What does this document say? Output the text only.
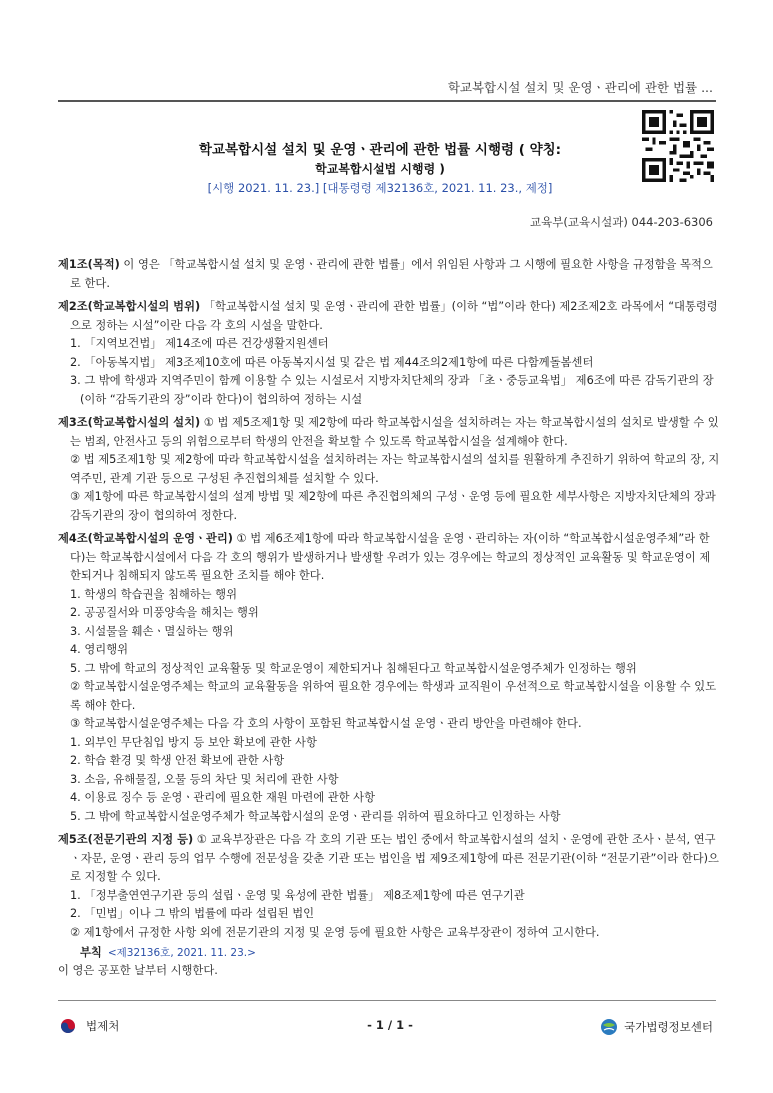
학교복합시설 설치 및 운영ㆍ관리에 관한 법률 ...
학교복합시설 설치 및 운영ㆍ관리에 관한 법률 시행령 ( 약칭:
학교복합시설법 시행령 )
[시행 2021. 11. 23.] [대통령령 제32136호, 2021. 11. 23., 제정]
교육부(교육시설과) 044-203-6306

제1조(목적) 이 영은 「학교복합시설 설치 및 운영ㆍ관리에 관한 법률」에서 위임된 사항과 그 시행에 필요한 사항을 규정함을 목적으로 한다.

제2조(학교복합시설의 범위) 「학교복합시설 설치 및 운영ㆍ관리에 관한 법률」(이하 “법”이라 한다) 제2조제2호 라목에서 “대통령령으로 정하는 시설”이란 다음 각 호의 시설을 말한다.

1. 「지역보건법」 제14조에 따른 건강생활지원센터

2. 「아동복지법」 제3조제10호에 따른 아동복지시설 및 같은 법 제44조의2제1항에 따른 다함께돌봄센터

3. 그 밖에 학생과 지역주민이 함께 이용할 수 있는 시설로서 지방자치단체의 장과 「초ㆍ중등교육법」 제6조에 따른 감독기관의 장(이하 “감독기관의 장”이라 한다)이 협의하여 정하는 시설

제3조(학교복합시설의 설치) ① 법 제5조제1항 및 제2항에 따라 학교복합시설을 설치하려는 자는 학교복합시설의 설치로 발생할 수 있는 범죄, 안전사고 등의 위험으로부터 학생의 안전을 확보할 수 있도록 학교복합시설을 설계해야 한다.

② 법 제5조제1항 및 제2항에 따라 학교복합시설을 설치하려는 자는 학교복합시설의 설치를 원활하게 추진하기 위하여 학교의 장, 지역주민, 관계 기관 등으로 구성된 추진협의체를 설치할 수 있다.

③ 제1항에 따른 학교복합시설의 설계 방법 및 제2항에 따른 추진협의체의 구성ㆍ운영 등에 필요한 세부사항은 지방자치단체의 장과 감독기관의 장이 협의하여 정한다.

제4조(학교복합시설의 운영ㆍ관리) ① 법 제6조제1항에 따라 학교복합시설을 운영ㆍ관리하는 자(이하 “학교복합시설운영주체”라 한다)는 학교복합시설에서 다음 각 호의 행위가 발생하거나 발생할 우려가 있는 경우에는 학교의 정상적인 교육활동 및 학교운영이 제한되거나 침해되지 않도록 필요한 조치를 해야 한다.

1. 학생의 학습권을 침해하는 행위

2. 공공질서와 미풍양속을 해치는 행위

3. 시설물을 훼손ㆍ멸실하는 행위

4. 영리행위

5. 그 밖에 학교의 정상적인 교육활동 및 학교운영이 제한되거나 침해된다고 학교복합시설운영주체가 인정하는 행위

② 학교복합시설운영주체는 학교의 교육활동을 위하여 필요한 경우에는 학생과 교직원이 우선적으로 학교복합시설을 이용할 수 있도록 해야 한다.

③ 학교복합시설운영주체는 다음 각 호의 사항이 포함된 학교복합시설 운영ㆍ관리 방안을 마련해야 한다.

1. 외부인 무단침입 방지 등 보안 확보에 관한 사항

2. 학습 환경 및 학생 안전 확보에 관한 사항

3. 소음, 유해물질, 오물 등의 차단 및 처리에 관한 사항

4. 이용료 징수 등 운영ㆍ관리에 필요한 재원 마련에 관한 사항

5. 그 밖에 학교복합시설운영주체가 학교복합시설의 운영ㆍ관리를 위하여 필요하다고 인정하는 사항

제5조(전문기관의 지정 등) ① 교육부장관은 다음 각 호의 기관 또는 법인 중에서 학교복합시설의 설치ㆍ운영에 관한 조사ㆍ분석, 연구ㆍ자문, 운영ㆍ관리 등의 업무 수행에 전문성을 갖춘 기관 또는 법인을 법 제9조제1항에 따른 전문기관(이하 “전문기관”이라 한다)으로 지정할 수 있다.

1. 「정부출연연구기관 등의 설립ㆍ운영 및 육성에 관한 법률」 제8조제1항에 따른 연구기관

2. 「민법」이나 그 밖의 법률에 따라 설립된 법인

② 제1항에서 규정한 사항 외에 전문기관의 지정 및 운영 등에 필요한 사항은 교육부장관이 정하여 고시한다.

부칙 <제32136호, 2021. 11. 23.>
이 영은 공포한 날부터 시행한다.
법제처	- 1 / 1 -	국가법령정보센터
